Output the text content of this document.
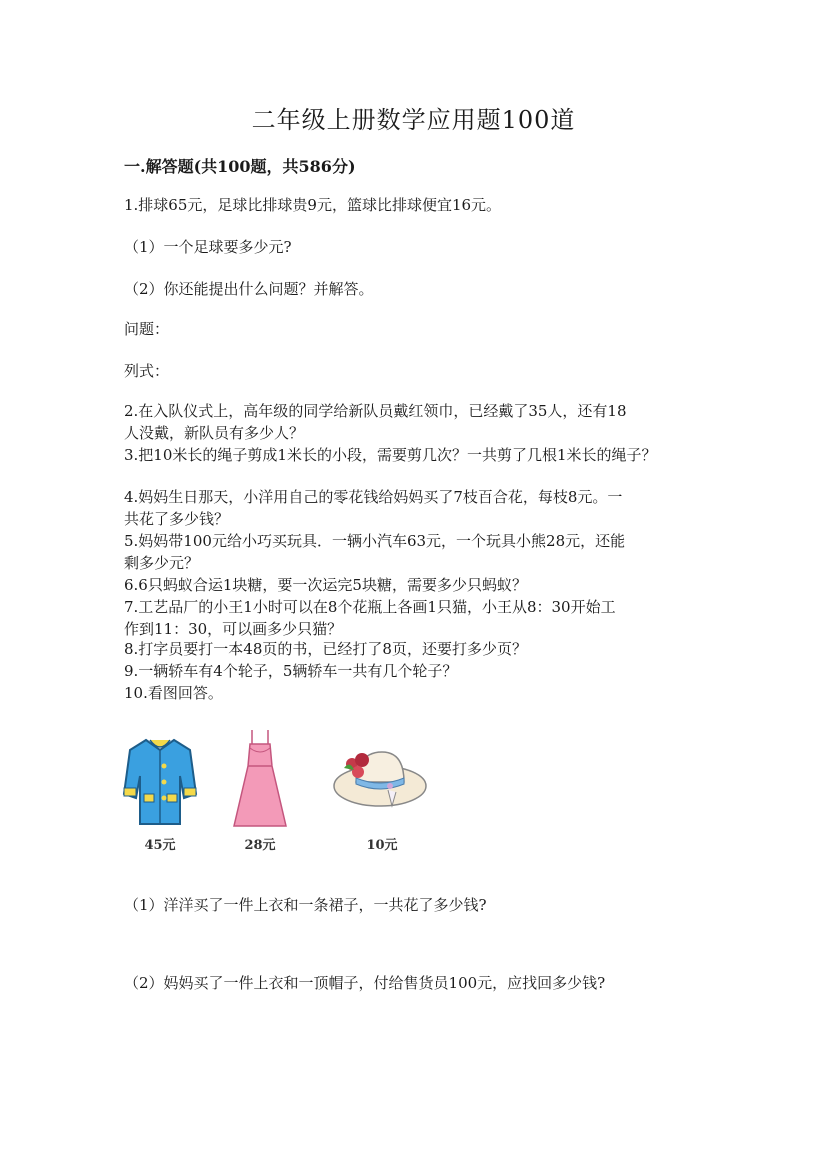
二年级上册数学应用题100道
一.解答题(共100题，共586分)
1.排球65元，足球比排球贵9元，篮球比排球便宜16元。
（1）一个足球要多少元?
（2）你还能提出什么问题？并解答。
问题：
列式：
2.在入队仪式上，高年级的同学给新队员戴红领巾，已经戴了35人，还有18
人没戴，新队员有多少人？
3.把10米长的绳子剪成1米长的小段，需要剪几次？一共剪了几根1米长的绳子？
4.妈妈生日那天，小洋用自己的零花钱给妈妈买了7枝百合花，每枝8元。一
共花了多少钱？
5.妈妈带100元给小巧买玩具．一辆小汽车63元，一个玩具小熊28元，还能
剩多少元？
6.6只蚂蚁合运1块糖，要一次运完5块糖，需要多少只蚂蚁？
7.工艺品厂的小王1小时可以在8个花瓶上各画1只猫，小王从8：30开始工
作到11：30，可以画多少只猫？
8.打字员要打一本48页的书，已经打了8页，还要打多少页？
9.一辆轿车有4个轮子，5辆轿车一共有几个轮子？
10.看图回答。
45元	28元	10元
（1）洋洋买了一件上衣和一条裙子，一共花了多少钱?
（2）妈妈买了一件上衣和一顶帽子，付给售货员100元，应找回多少钱?
